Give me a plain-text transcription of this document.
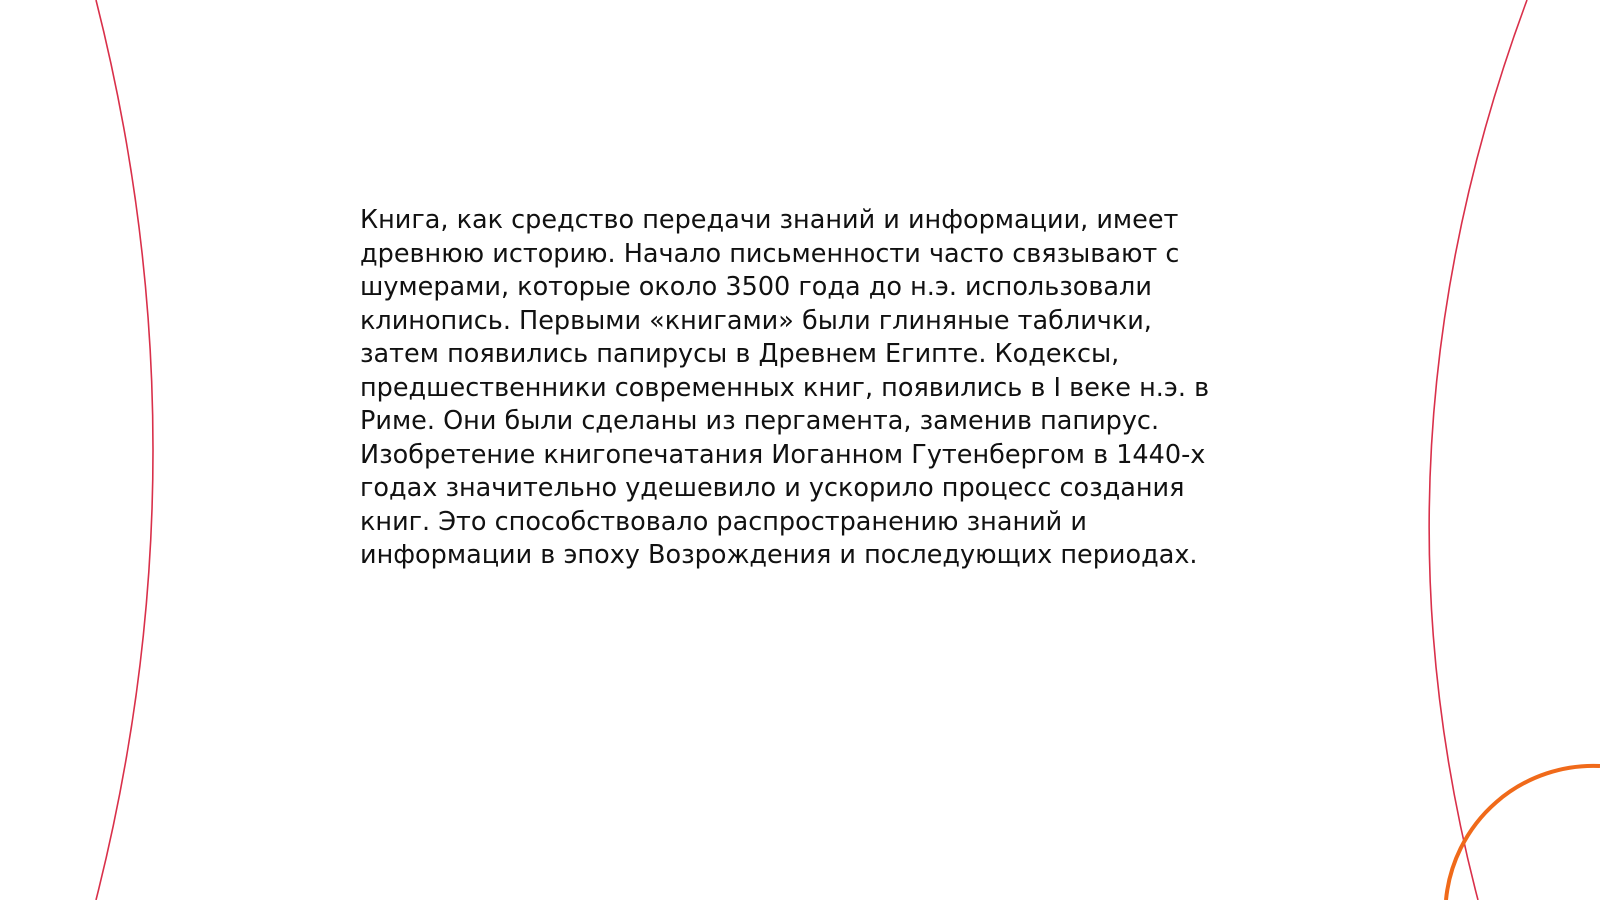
Книга, как средство передачи знаний и информации, имеет
древнюю историю. Начало письменности часто связывают с
шумерами, которые около 3500 года до н.э. использовали
клинопись. Первыми «книгами» были глиняные таблички,
затем появились папирусы в Древнем Египте. Кодексы,
предшественники современных книг, появились в I веке н.э. в
Риме. Они были сделаны из пергамента, заменив папирус.
Изобретение книгопечатания Иоганном Гутенбергом в 1440-х
годах значительно удешевило и ускорило процесс создания
книг. Это способствовало распространению знаний и
информации в эпоху Возрождения и последующих периодах.
